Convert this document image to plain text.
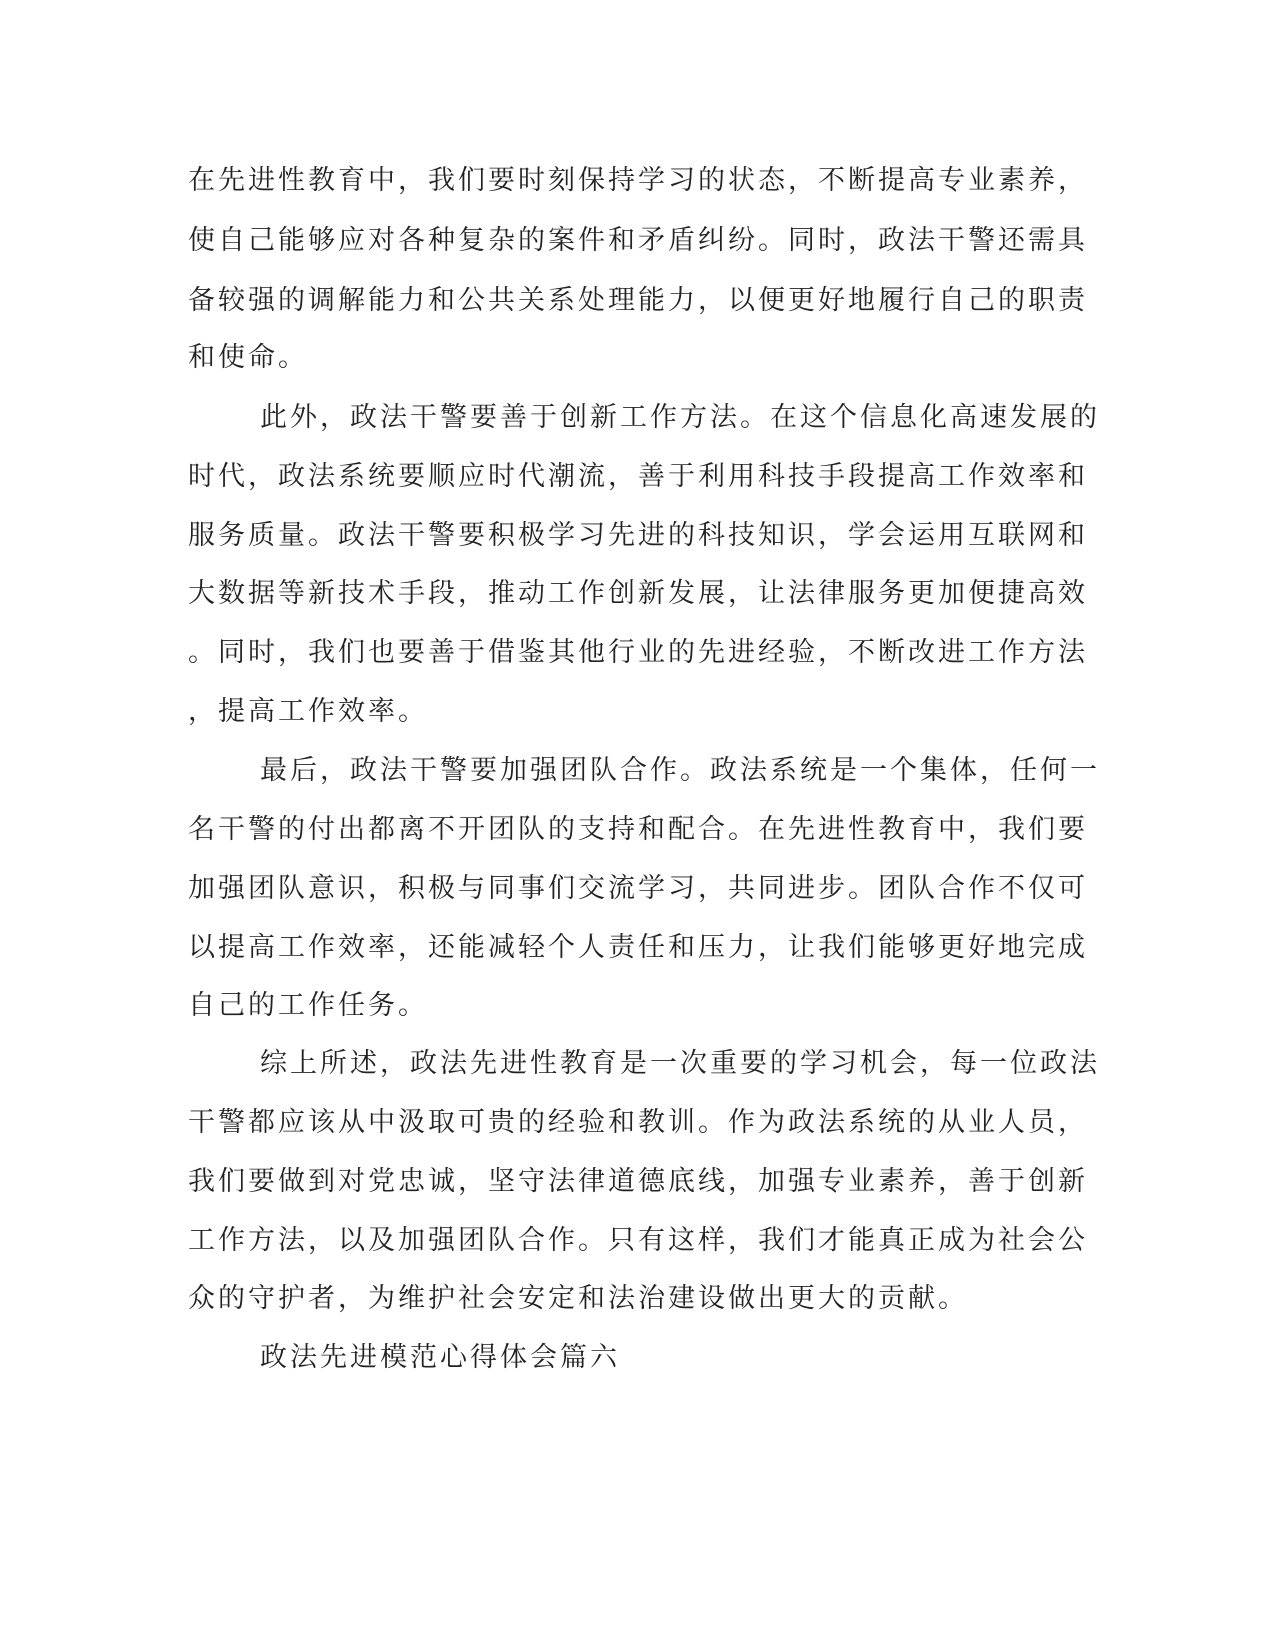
在先进性教育中，我们要时刻保持学习的状态，不断提高专业素养，
使自己能够应对各种复杂的案件和矛盾纠纷。同时，政法干警还需具
备较强的调解能力和公共关系处理能力，以便更好地履行自己的职责
和使命。
此外，政法干警要善于创新工作方法。在这个信息化高速发展的
时代，政法系统要顺应时代潮流，善于利用科技手段提高工作效率和
服务质量。政法干警要积极学习先进的科技知识，学会运用互联网和
大数据等新技术手段，推动工作创新发展，让法律服务更加便捷高效
。同时，我们也要善于借鉴其他行业的先进经验，不断改进工作方法
，提高工作效率。
最后，政法干警要加强团队合作。政法系统是一个集体，任何一
名干警的付出都离不开团队的支持和配合。在先进性教育中，我们要
加强团队意识，积极与同事们交流学习，共同进步。团队合作不仅可
以提高工作效率，还能减轻个人责任和压力，让我们能够更好地完成
自己的工作任务。
综上所述，政法先进性教育是一次重要的学习机会，每一位政法
干警都应该从中汲取可贵的经验和教训。作为政法系统的从业人员，
我们要做到对党忠诚，坚守法律道德底线，加强专业素养，善于创新
工作方法，以及加强团队合作。只有这样，我们才能真正成为社会公
众的守护者，为维护社会安定和法治建设做出更大的贡献。
政法先进模范心得体会篇六
